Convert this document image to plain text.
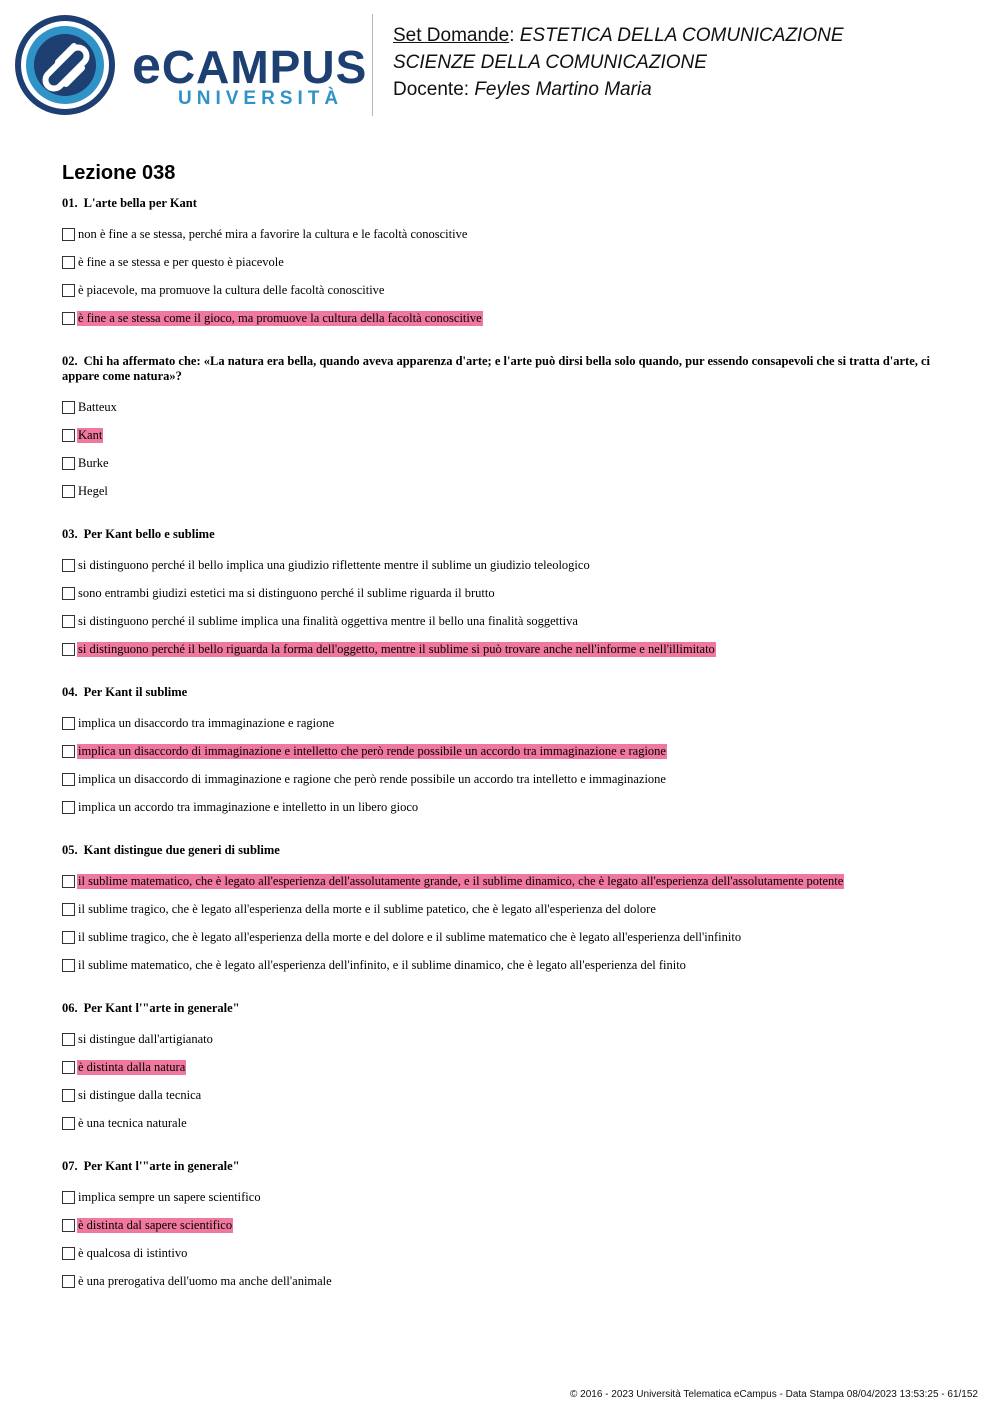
eCAMPUS
UNIVERSITÀ
Set Domande: ESTETICA DELLA COMUNICAZIONE
SCIENZE DELLA COMUNICAZIONE
Docente: Feyles Martino Maria
Lezione 038

01. L'arte bella per Kant

non è fine a se stessa, perché mira a favorire la cultura e le facoltà conoscitive
è fine a se stessa e per questo è piacevole
è piacevole, ma promuove la cultura delle facoltà conoscitive
è fine a se stessa come il gioco, ma promuove la cultura della facoltà conoscitive

02. Chi ha affermato che: «La natura era bella, quando aveva apparenza d'arte; e l'arte può dirsi bella solo quando, pur essendo consapevoli che si tratta d'arte, ci appare come natura»?

Batteux
Kant
Burke
Hegel

03. Per Kant bello e sublime

si distinguono perché il bello implica una giudizio riflettente mentre il sublime un giudizio teleologico
sono entrambi giudizi estetici ma si distinguono perché il sublime riguarda il brutto
si distinguono perché il sublime implica una finalità oggettiva mentre il bello una finalità soggettiva
si distinguono perché il bello riguarda la forma dell'oggetto, mentre il sublime si può trovare anche nell'informe e nell'illimitato

04. Per Kant il sublime

implica un disaccordo tra immaginazione e ragione
implica un disaccordo di immaginazione e intelletto che però rende possibile un accordo tra immaginazione e ragione
implica un disaccordo di immaginazione e ragione che però rende possibile un accordo tra intelletto e immaginazione
implica un accordo tra immaginazione e intelletto in un libero gioco

05. Kant distingue due generi di sublime

il sublime matematico, che è legato all'esperienza dell'assolutamente grande, e il sublime dinamico, che è legato all'esperienza dell'assolutamente potente
il sublime tragico, che è legato all'esperienza della morte e il sublime patetico, che è legato all'esperienza del dolore
il sublime tragico, che è legato all'esperienza della morte e del dolore e il sublime matematico che è legato all'esperienza dell'infinito
il sublime matematico, che è legato all'esperienza dell'infinito, e il sublime dinamico, che è legato all'esperienza del finito

06. Per Kant l'"arte in generale"

si distingue dall'artigianato
è distinta dalla natura
si distingue dalla tecnica
è una tecnica naturale

07. Per Kant l'"arte in generale"

implica sempre un sapere scientifico
è distinta dal sapere scientifico
è qualcosa di istintivo
è una prerogativa dell'uomo ma anche dell'animale
© 2016 - 2023 Università Telematica eCampus - Data Stampa 08/04/2023 13:53:25 - 61/152
